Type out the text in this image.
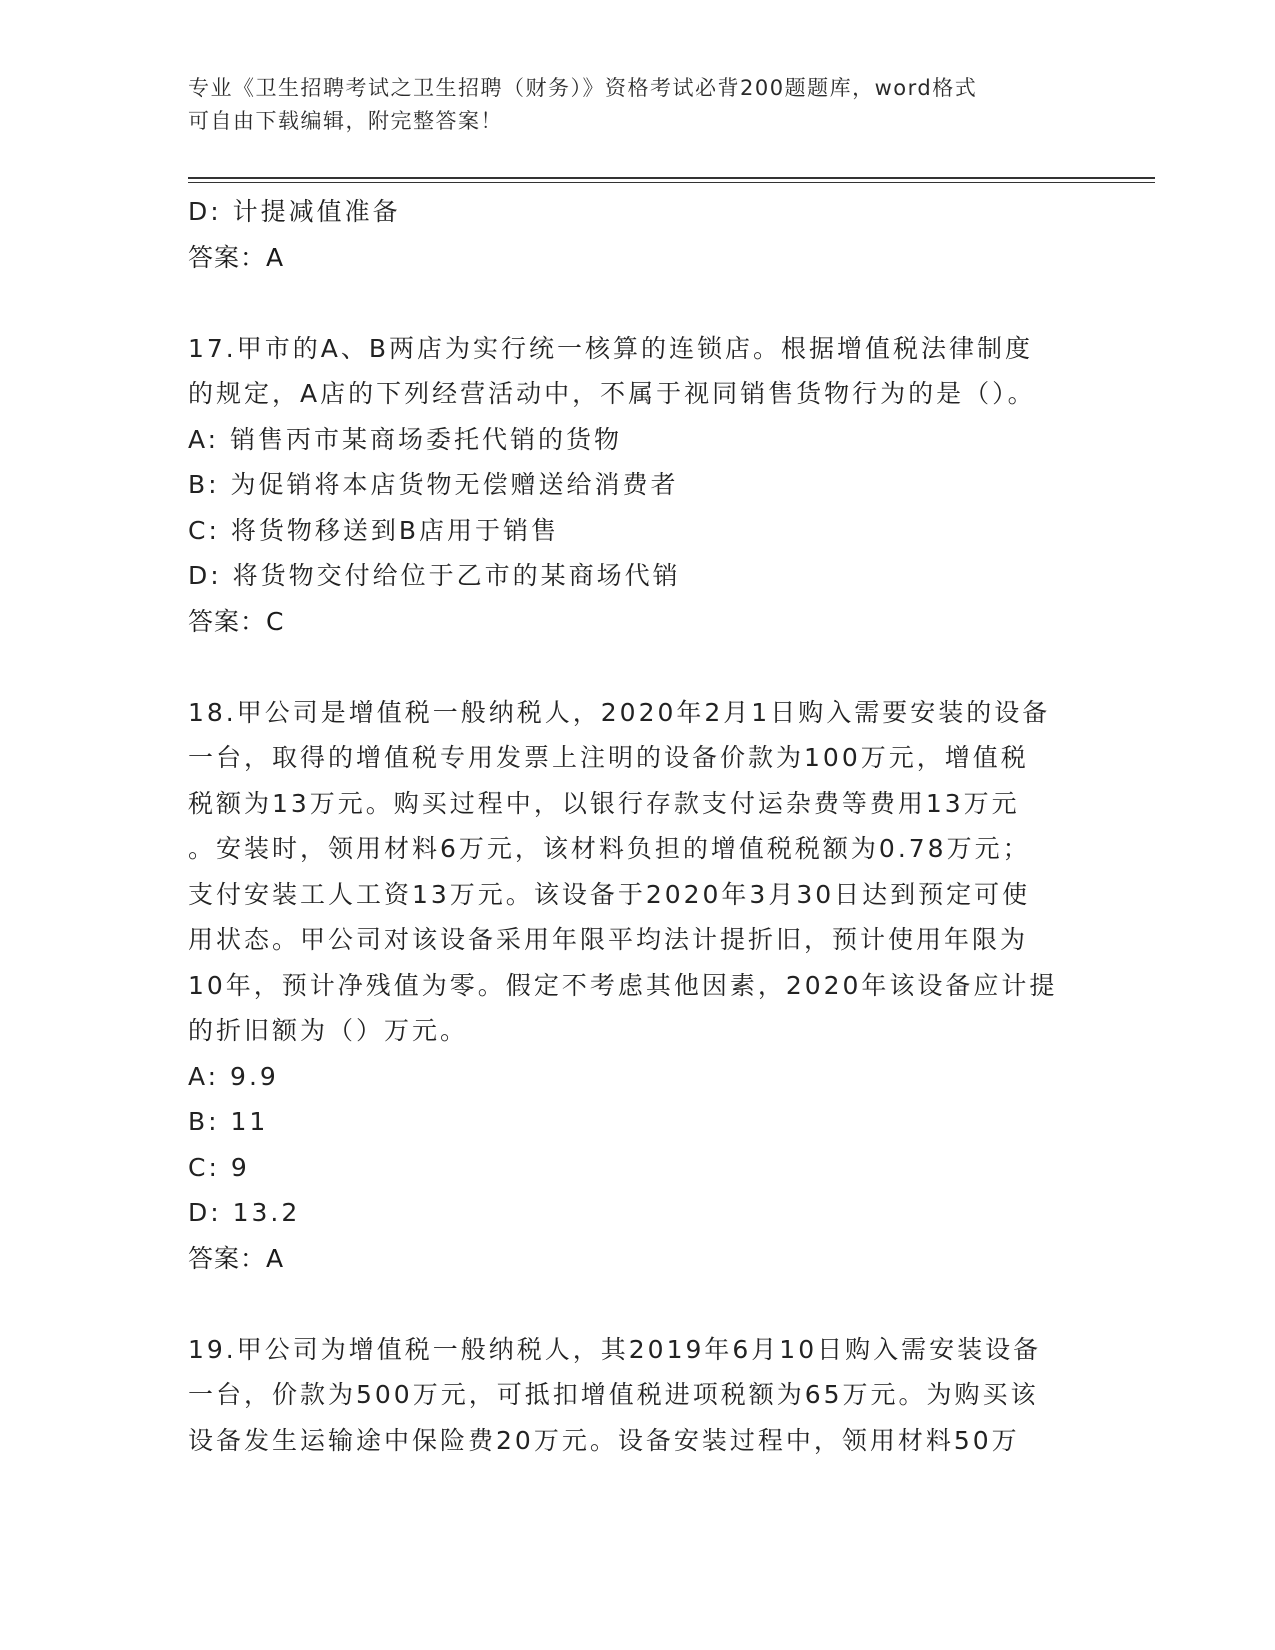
专业《卫生招聘考试之卫生招聘（财务）》资格考试必背200题题库，word格式
可自由下载编辑，附完整答案！
D: 计提减值准备
答案：A
17.甲市的A、B两店为实行统一核算的连锁店。根据增值税法律制度
的规定，A店的下列经营活动中，不属于视同销售货物行为的是（）。
A: 销售丙市某商场委托代销的货物
B: 为促销将本店货物无偿赠送给消费者
C: 将货物移送到B店用于销售
D: 将货物交付给位于乙市的某商场代销
答案：C
18.甲公司是增值税一般纳税人，2020年2月1日购入需要安装的设备
一台，取得的增值税专用发票上注明的设备价款为100万元，增值税
税额为13万元。购买过程中，以银行存款支付运杂费等费用13万元
。安装时，领用材料6万元，该材料负担的增值税税额为0.78万元；
支付安装工人工资13万元。该设备于2020年3月30日达到预定可使
用状态。甲公司对该设备采用年限平均法计提折旧，预计使用年限为
10年，预计净残值为零。假定不考虑其他因素，2020年该设备应计提
的折旧额为（）万元。
A: 9.9
B: 11
C: 9
D: 13.2
答案：A
19.甲公司为增值税一般纳税人，其2019年6月10日购入需安装设备
一台，价款为500万元，可抵扣增值税进项税额为65万元。为购买该
设备发生运输途中保险费20万元。设备安装过程中，领用材料50万
